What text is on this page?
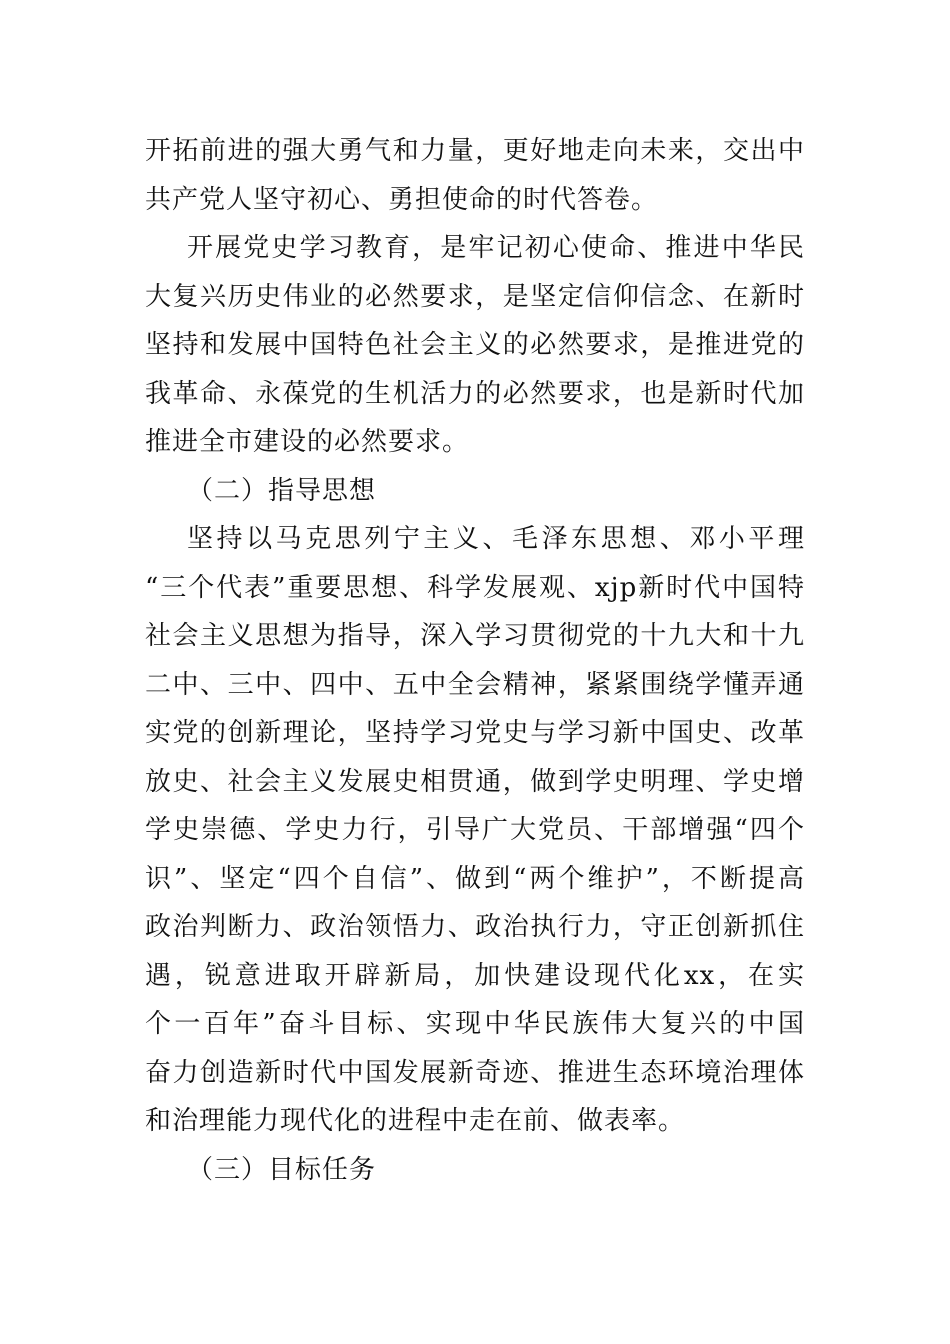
开拓前进的强大勇气和力量，更好地走向未来，交出中
共产党人坚守初心、勇担使命的时代答卷。
开展党史学习教育，是牢记初心使命、推进中华民
大复兴历史伟业的必然要求，是坚定信仰信念、在新时
坚持和发展中国特色社会主义的必然要求，是推进党的
我革命、永葆党的生机活力的必然要求，也是新时代加
推进全市建设的必然要求。
（二）指导思想
坚持以马克思列宁主义、毛泽东思想、邓小平理
“三个代表”重要思想、科学发展观、xjp新时代中国特
社会主义思想为指导，深入学习贯彻党的十九大和十九
二中、三中、四中、五中全会精神，紧紧围绕学懂弄通
实党的创新理论，坚持学习党史与学习新中国史、改革
放史、社会主义发展史相贯通，做到学史明理、学史增
学史崇德、学史力行，引导广大党员、干部增强“四个
识”、坚定“四个自信”、做到“两个维护”，不断提高
政治判断力、政治领悟力、政治执行力，守正创新抓住
遇，锐意进取开辟新局，加快建设现代化xx，在实
个一百年”奋斗目标、实现中华民族伟大复兴的中国
奋力创造新时代中国发展新奇迹、推进生态环境治理体
和治理能力现代化的进程中走在前、做表率。
（三）目标任务
